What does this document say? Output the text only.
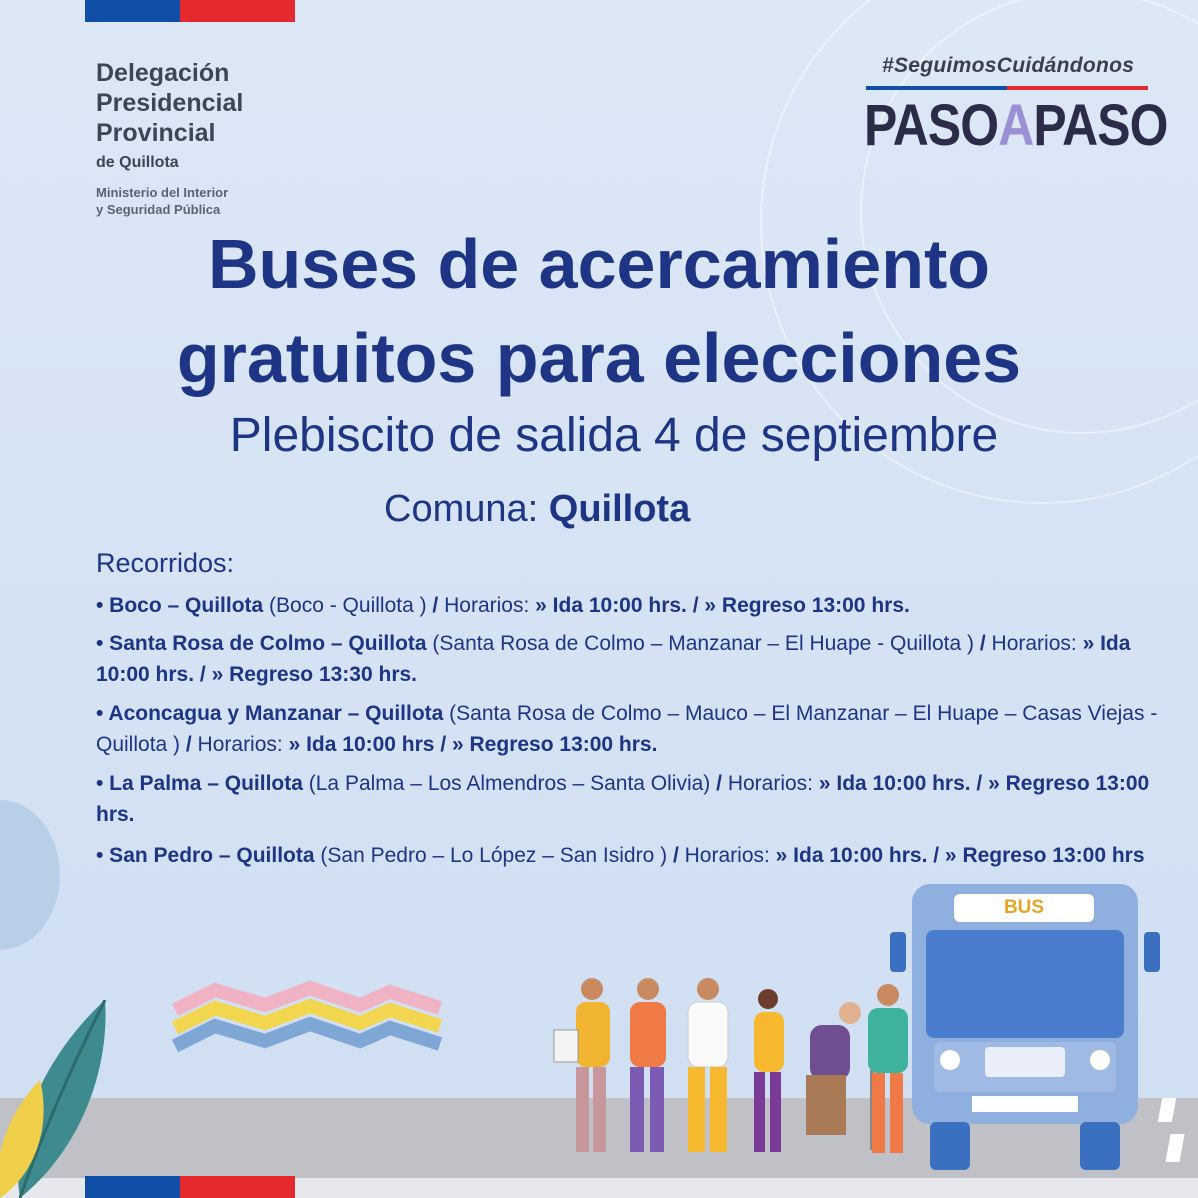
Delegación
Presidencial
Provincial
de Quillota
Ministerio del Interior
y Seguridad Pública
#SeguimosCuidándonos
PASOAPASO
Buses de acercamiento
gratuitos para elecciones
Plebiscito de salida 4 de septiembre
Comuna: Quillota
Recorridos:
• Boco – Quillota (Boco - Quillota ) / Horarios: » Ida 10:00 hrs. / » Regreso 13:00 hrs.
• Santa Rosa de Colmo – Quillota (Santa Rosa de Colmo – Manzanar – El Huape - Quillota ) / Horarios: » Ida 10:00 hrs. / » Regreso 13:30 hrs.
• Aconcagua y Manzanar – Quillota (Santa Rosa de Colmo – Mauco – El Manzanar – El Huape – Casas Viejas - Quillota ) / Horarios: » Ida 10:00 hrs / » Regreso 13:00 hrs.
• La Palma – Quillota (La Palma – Los Almendros – Santa Olivia) / Horarios: » Ida 10:00 hrs. / » Regreso 13:00 hrs.
• San Pedro – Quillota (San Pedro – Lo López – San Isidro ) / Horarios: » Ida 10:00 hrs. / » Regreso 13:00 hrs
BUS
